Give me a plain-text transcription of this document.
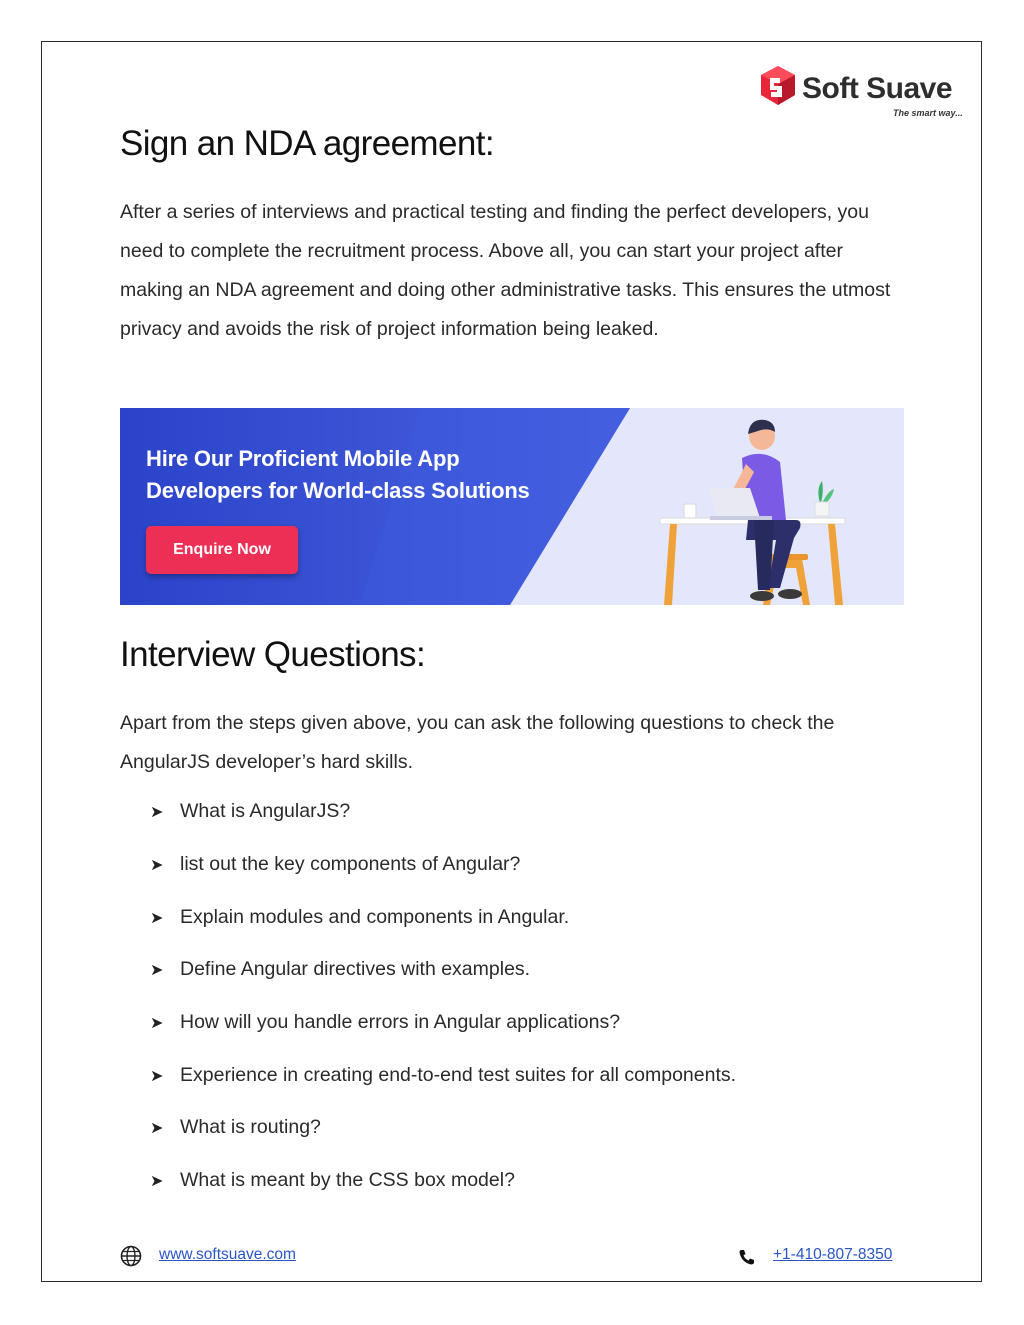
Soft Suave
The smart way...
Sign an NDA agreement:

After a series of interviews and practical testing and finding the perfect developers, you need to complete the recruitment process. Above all, you can start your project after making an NDA agreement and doing other administrative tasks. This ensures the utmost privacy and avoids the risk of project information being leaked.

Hire Our Proficient Mobile App
Developers for World-class Solutions
Enquire Now
Interview Questions:

Apart from the steps given above, you can ask the following questions to check the AngularJS developer’s hard skills.

➤ What is AngularJS?
➤ list out the key components of Angular?
➤ Explain modules and components in Angular.
➤ Define Angular directives with examples.
➤ How will you handle errors in Angular applications?
➤ Experience in creating end-to-end test suites for all components.
➤ What is routing?
➤ What is meant by the CSS box model?
www.softsuave.com	+1-410-807-8350
